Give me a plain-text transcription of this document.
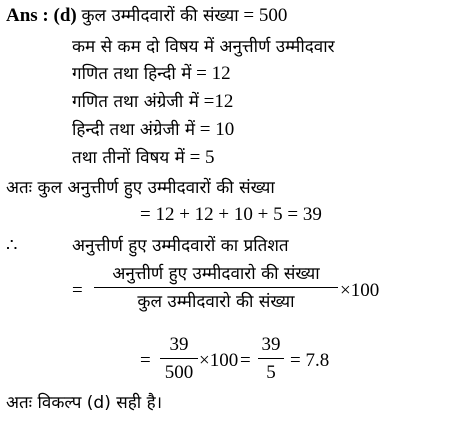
Ans : (d) कुल उम्मीदवारों की संख्या = 500
कम से कम दो विषय में अनुत्तीर्ण उम्मीदवार
गणित तथा हिन्दी में = 12
गणित तथा अंग्रेजी में =12
हिन्दी तथा अंग्रेजी में = 10
तथा तीनों विषय में = 5
अतः कुल अनुत्तीर्ण हुए उम्मीदवारों की संख्या
= 12 + 12 + 10 + 5 = 39
∴	अनुत्तीर्ण हुए उम्मीदवारों का प्रतिशत
=
अनुत्तीर्ण हुए उम्मीदवारो की संख्या
कुल उम्मीदवारो की संख्या
×100
=
39
500
×100 =
39
5
= 7.8
अतः विकल्प (d) सही है।
